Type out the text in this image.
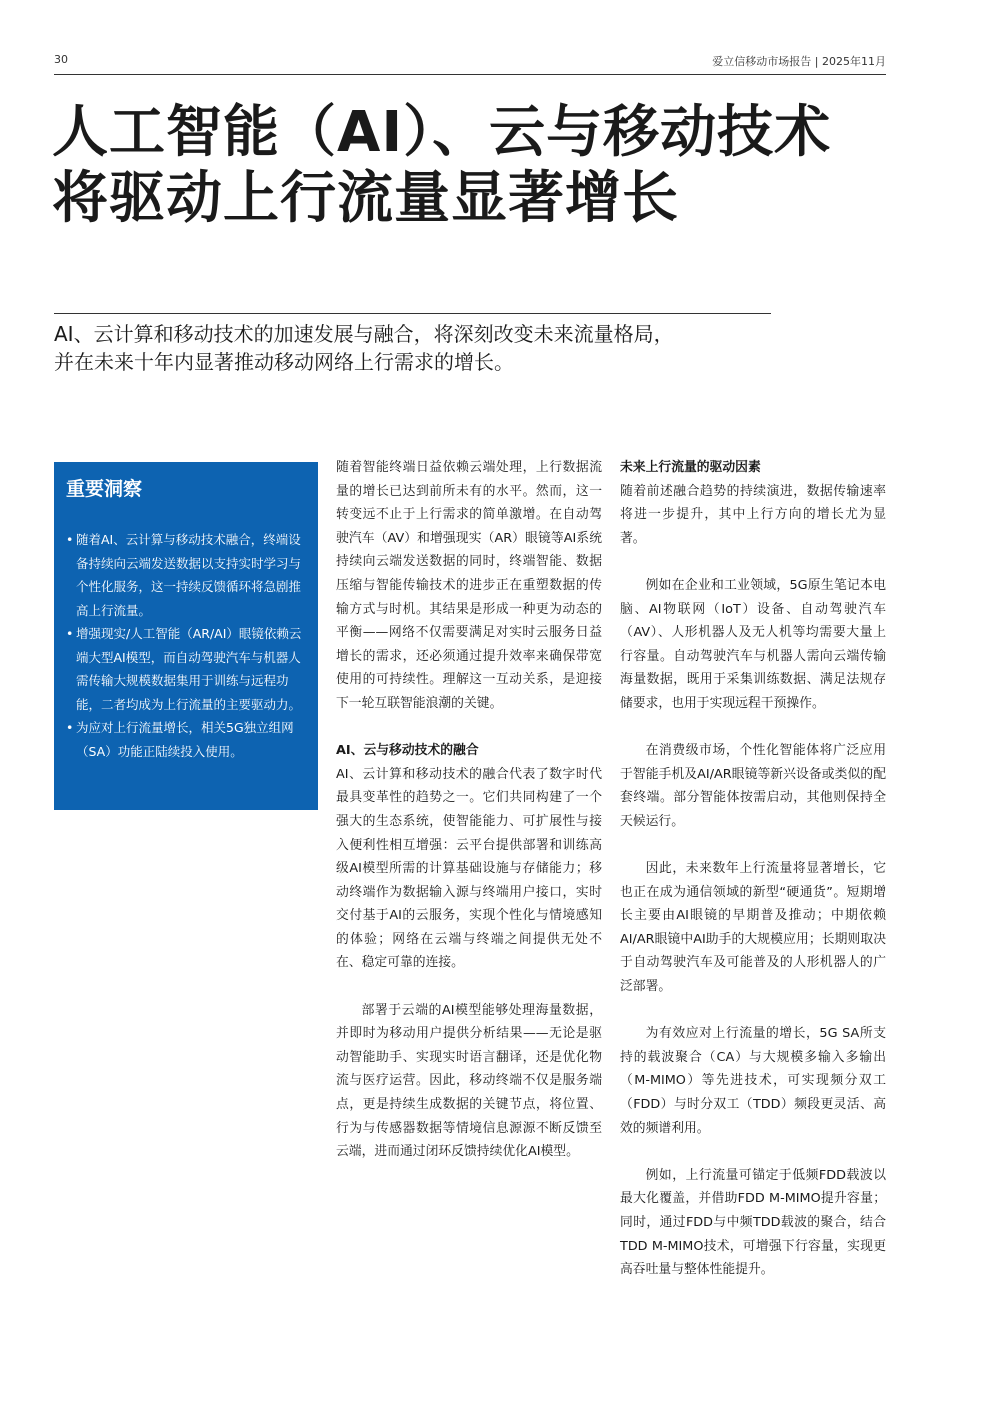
30	爱立信移动市场报告 | 2025年11月
人工智能（AI）、云与移动技术
将驱动上行流量显著增长
AI、云计算和移动技术的加速发展与融合，将深刻改变未来流量格局，
并在未来十年内显著推动移动网络上行需求的增长。
重要洞察
• 随着AI、云计算与移动技术融合，终端设备持续向云端发送数据以支持实时学习与个性化服务，这一持续反馈循环将急剧推高上行流量。
• 增强现实/人工智能（AR/AI）眼镜依赖云端大型AI模型，而自动驾驶汽车与机器人需传输大规模数据集用于训练与远程功能，二者均成为上行流量的主要驱动力。
• 为应对上行流量增长，相关5G独立组网（SA）功能正陆续投入使用。

随着智能终端日益依赖云端处理，上行数据流量的增长已达到前所未有的水平。然而，这一转变远不止于上行需求的简单激增。在自动驾驶汽车（AV）和增强现实（AR）眼镜等AI系统持续向云端发送数据的同时，终端智能、数据压缩与智能传输技术的进步正在重塑数据的传输方式与时机。其结果是形成一种更为动态的平衡——网络不仅需要满足对实时云服务日益增长的需求，还必须通过提升效率来确保带宽使用的可持续性。理解这一互动关系，是迎接下一轮互联智能浪潮的关键。

AI、云与移动技术的融合

AI、云计算和移动技术的融合代表了数字时代最具变革性的趋势之一。它们共同构建了一个强大的生态系统，使智能能力、可扩展性与接入便利性相互增强：云平台提供部署和训练高级AI模型所需的计算基础设施与存储能力；移动终端作为数据输入源与终端用户接口，实时交付基于AI的云服务，实现个性化与情境感知的体验；网络在云端与终端之间提供无处不在、稳定可靠的连接。

部署于云端的AI模型能够处理海量数据，并即时为移动用户提供分析结果——无论是驱动智能助手、实现实时语言翻译，还是优化物流与医疗运营。因此，移动终端不仅是服务端点，更是持续生成数据的关键节点，将位置、行为与传感器数据等情境信息源源不断反馈至云端，进而通过闭环反馈持续优化AI模型。

未来上行流量的驱动因素

随着前述融合趋势的持续演进，数据传输速率将进一步提升，其中上行方向的增长尤为显著。

例如在企业和工业领域，5G原生笔记本电脑、AI物联网（IoT）设备、自动驾驶汽车（AV）、人形机器人及无人机等均需要大量上行容量。自动驾驶汽车与机器人需向云端传输海量数据，既用于采集训练数据、满足法规存储要求，也用于实现远程干预操作。

在消费级市场，个性化智能体将广泛应用于智能手机及AI/AR眼镜等新兴设备或类似的配套终端。部分智能体按需启动，其他则保持全天候运行。

因此，未来数年上行流量将显著增长，它也正在成为通信领域的新型“硬通货”。短期增长主要由AI眼镜的早期普及推动；中期依赖AI/AR眼镜中AI助手的大规模应用；长期则取决于自动驾驶汽车及可能普及的人形机器人的广泛部署。

为有效应对上行流量的增长，5G SA所支持的载波聚合（CA）与大规模多输入多输出（M-MIMO）等先进技术，可实现频分双工（FDD）与时分双工（TDD）频段更灵活、高效的频谱利用。

例如，上行流量可锚定于低频FDD载波以最大化覆盖，并借助FDD M-MIMO提升容量；同时，通过FDD与中频TDD载波的聚合，结合TDD M-MIMO技术，可增强下行容量，实现更高吞吐量与整体性能提升。
